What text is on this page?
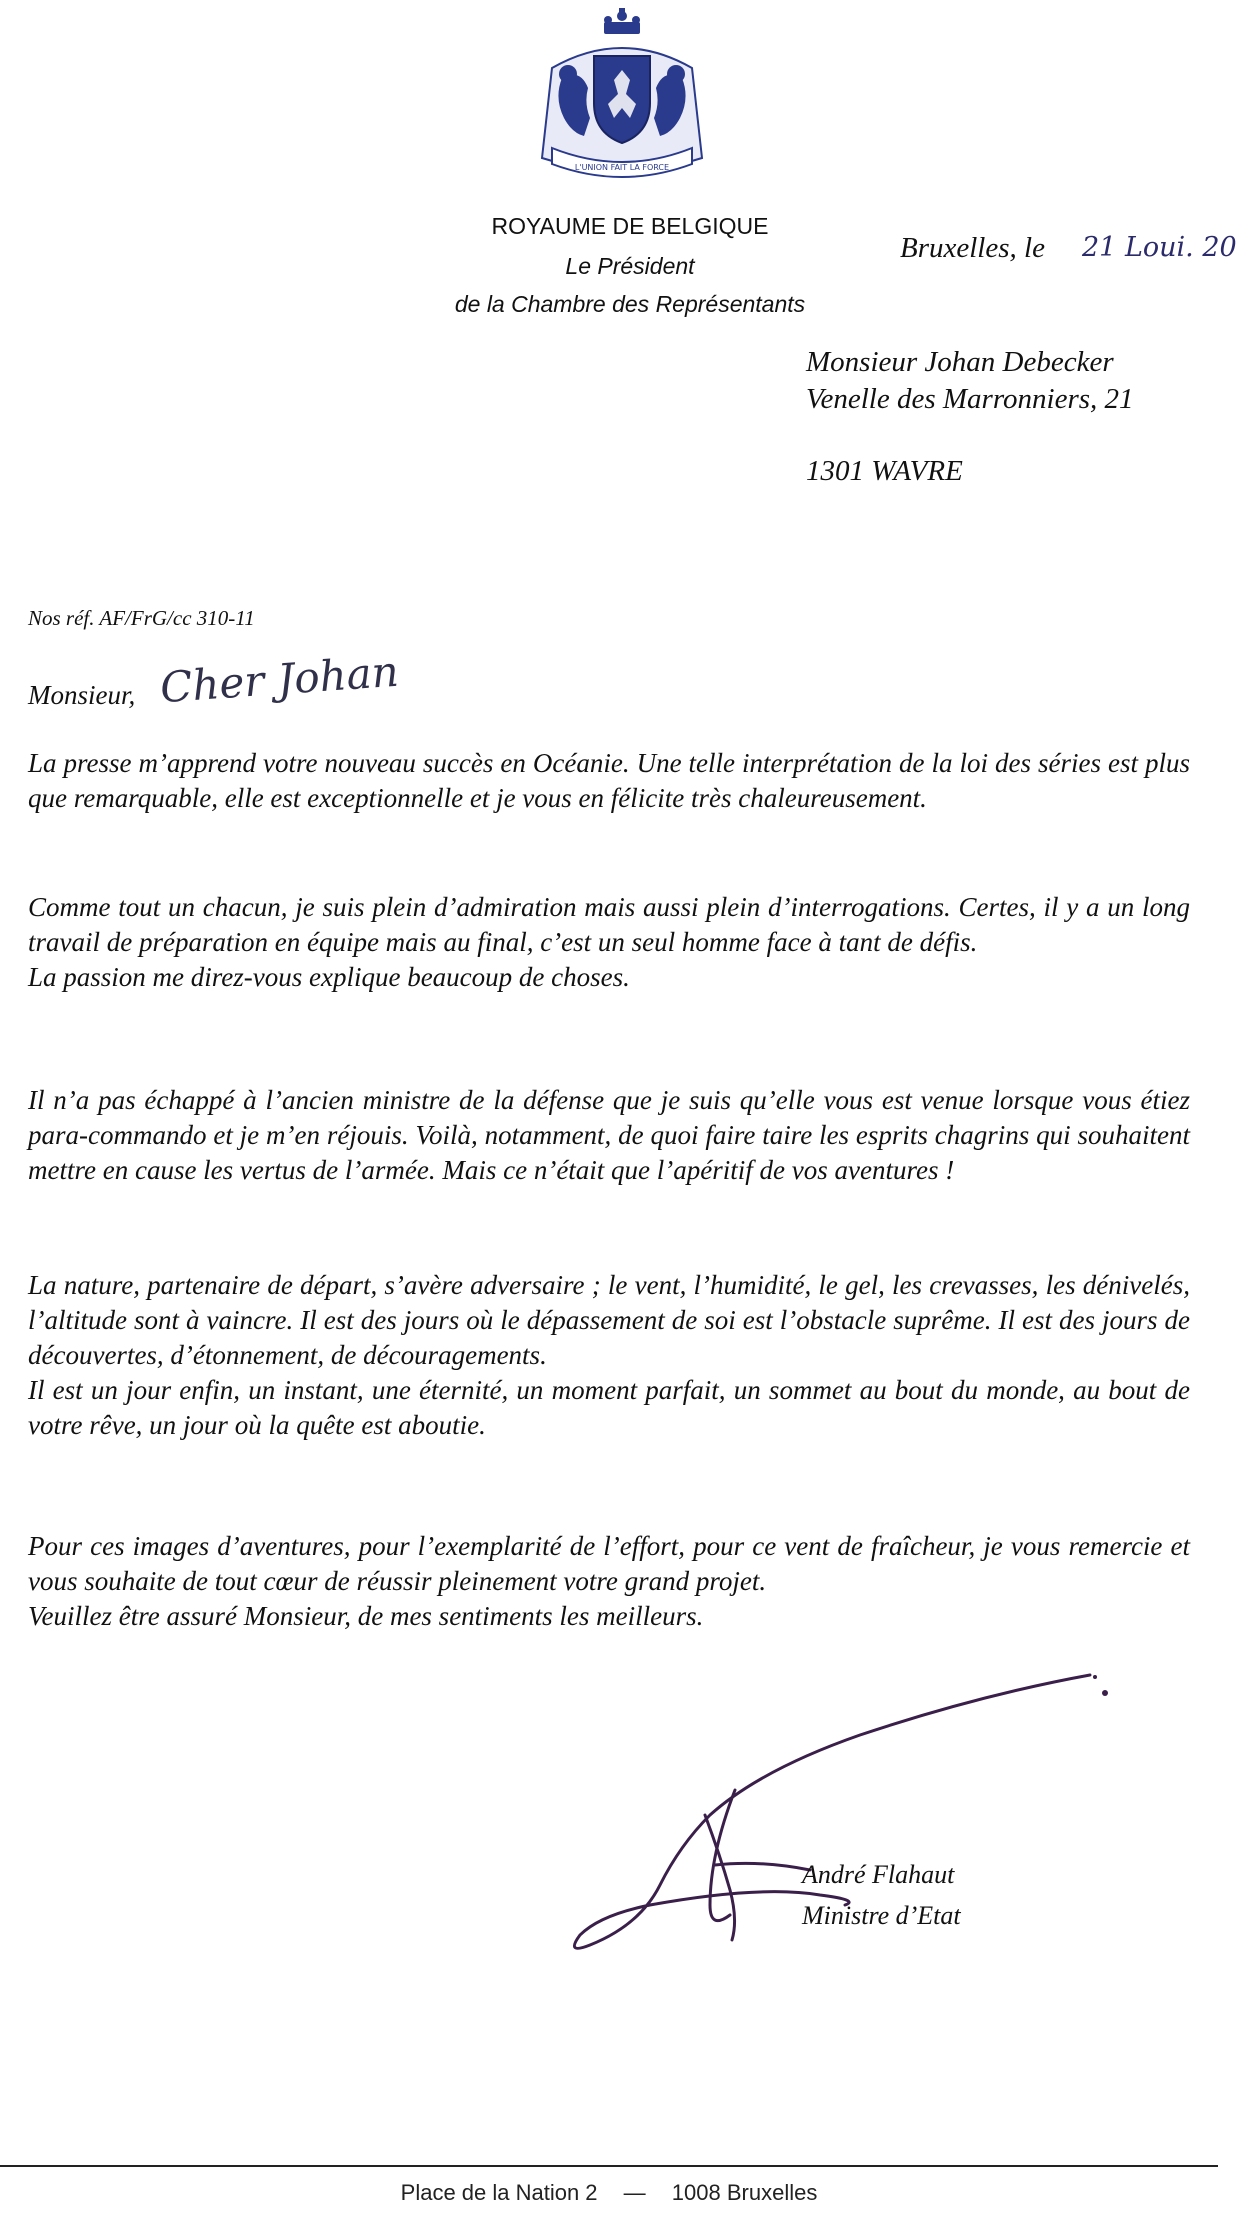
L'UNION FAIT LA FORCE
ROYAUME DE BELGIQUE
Le Président
de la Chambre des Représentants
Bruxelles, le 21 Loui. 20
Monsieur Johan Debecker
Venelle des Marronniers, 21
1301 WAVRE
Nos réf. AF/FrG/cc 310-11
Monsieur, Cher Johan

La presse m’apprend votre nouveau succès en Océanie. Une telle interprétation de la loi des séries est plus que remarquable, elle est exceptionnelle et je vous en félicite très chaleureusement.

Comme tout un chacun, je suis plein d’admiration mais aussi plein d’interrogations. Certes, il y a un long travail de préparation en équipe mais au final, c’est un seul homme face à tant de défis.

La passion me direz-vous explique beaucoup de choses.

Il n’a pas échappé à l’ancien ministre de la défense que je suis qu’elle vous est venue lorsque vous étiez para-commando et je m’en réjouis. Voilà, notamment, de quoi faire taire les esprits chagrins qui souhaitent mettre en cause les vertus de l’armée. Mais ce n’était que l’apéritif de vos aventures !

La nature, partenaire de départ, s’avère adversaire ; le vent, l’humidité, le gel, les crevasses, les dénivelés, l’altitude sont à vaincre. Il est des jours où le dépassement de soi est l’obstacle suprême. Il est des jours de découvertes, d’étonnement, de découragements.

Il est un jour enfin, un instant, une éternité, un moment parfait, un sommet au bout du monde, au bout de votre rêve, un jour où la quête est aboutie.

Pour ces images d’aventures, pour l’exemplarité de l’effort, pour ce vent de fraîcheur, je vous remercie et vous souhaite de tout cœur de réussir pleinement votre grand projet.

Veuillez être assuré Monsieur, de mes sentiments les meilleurs.

André Flahaut
Ministre d’Etat
Place de la Nation 2 — 1008 Bruxelles
